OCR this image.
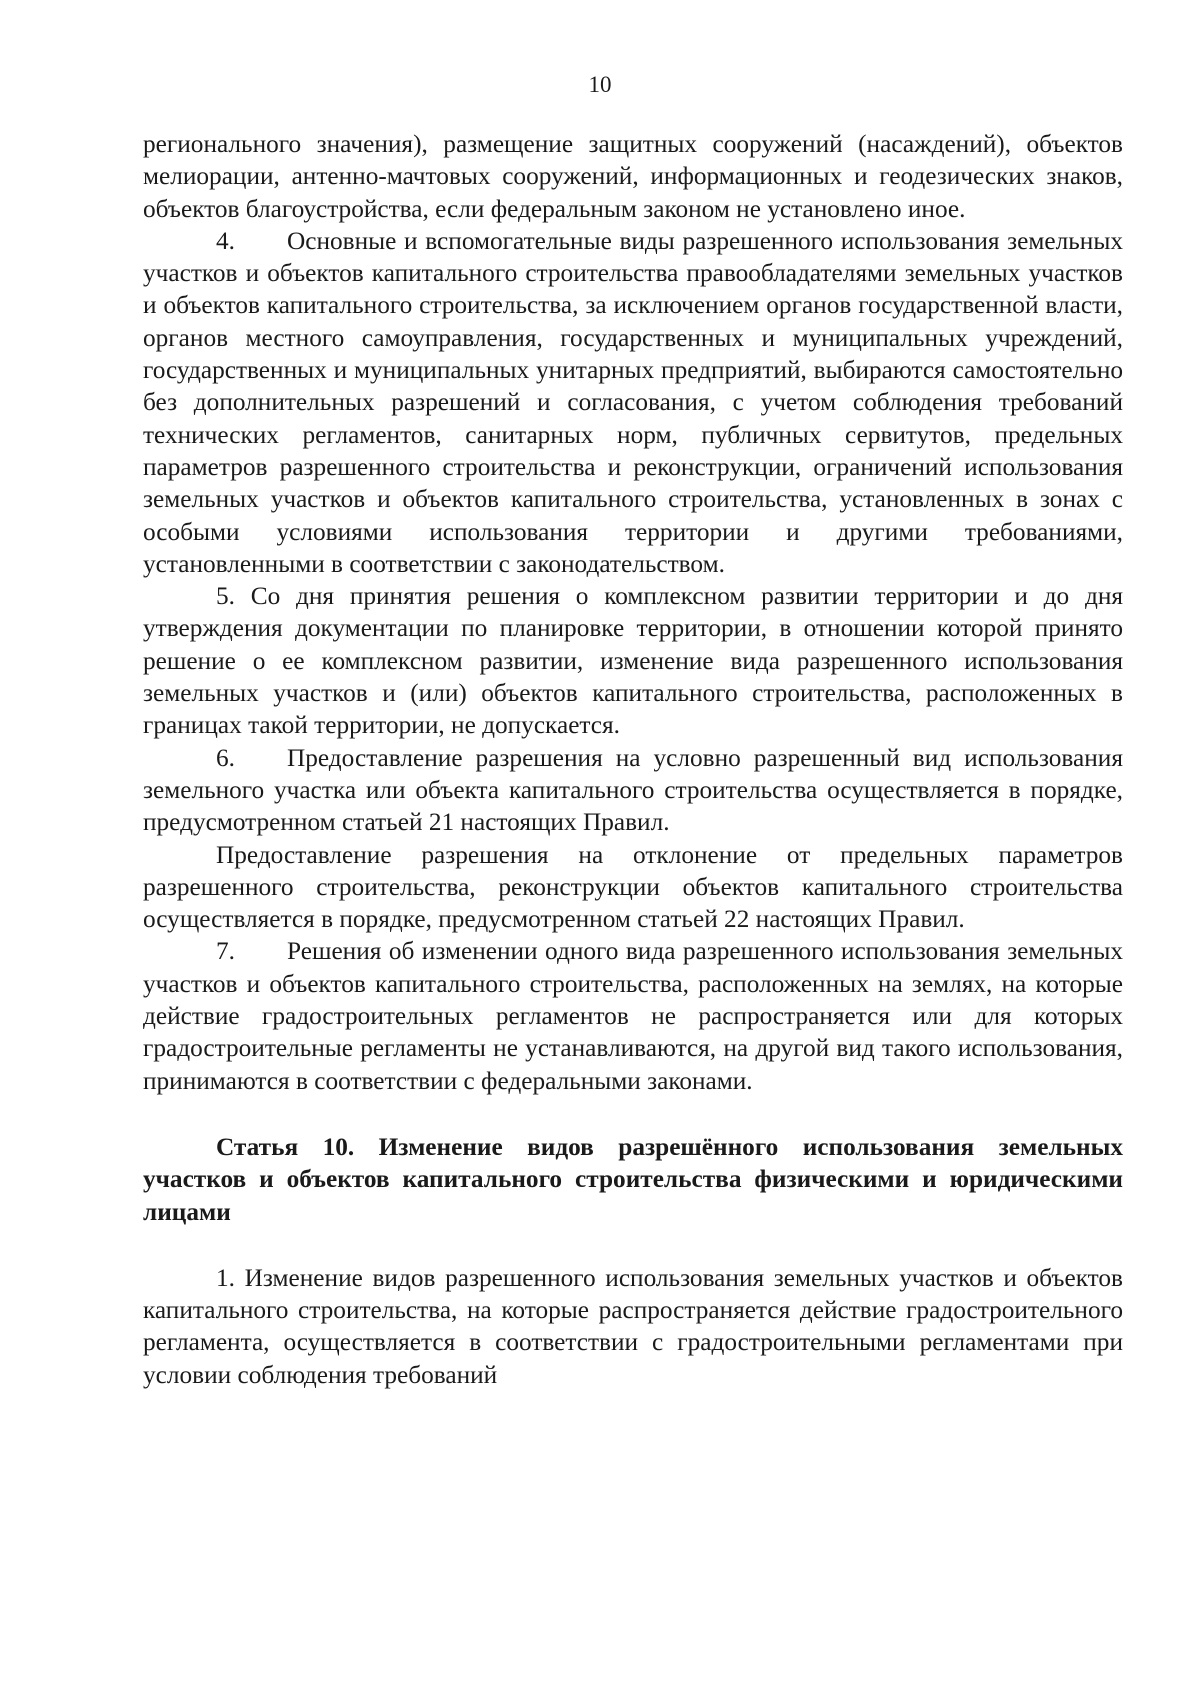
10

регионального значения), размещение защитных сооружений (насаждений), объектов мелиорации, антенно-мачтовых сооружений, информационных и геодезических знаков, объектов благоустройства, если федеральным законом не установлено иное.

4. Основные и вспомогательные виды разрешенного использования земельных участков и объектов капитального строительства правообладателями земельных участков и объектов капитального строительства, за исключением органов государственной власти, органов местного самоуправления, государственных и муниципальных учреждений, государственных и муниципальных унитарных предприятий, выбираются самостоятельно без дополнительных разрешений и согласования, с учетом соблюдения требований технических регламентов, санитарных норм, публичных сервитутов, предельных параметров разрешенного строительства и реконструкции, ограничений использования земельных участков и объектов капитального строительства, установленных в зонах с особыми условиями использования территории и другими требованиями, установленными в соответствии с законодательством.

5. Со дня принятия решения о комплексном развитии территории и до дня утверждения документации по планировке территории, в отношении которой принято решение о ее комплексном развитии, изменение вида разрешенного использования земельных участков и (или) объектов капитального строительства, расположенных в границах такой территории, не допускается.

6. Предоставление разрешения на условно разрешенный вид использования земельного участка или объекта капитального строительства осуществляется в порядке, предусмотренном статьей 21 настоящих Правил.

Предоставление разрешения на отклонение от предельных параметров разрешенного строительства, реконструкции объектов капитального строительства осуществляется в порядке, предусмотренном статьей 22 настоящих Правил.

7. Решения об изменении одного вида разрешенного использования земельных участков и объектов капитального строительства, расположенных на землях, на которые действие градостроительных регламентов не распространяется или для которых градостроительные регламенты не устанавливаются, на другой вид такого использования, принимаются в соответствии с федеральными законами.

Статья 10. Изменение видов разрешённого использования земельных участков и объектов капитального строительства физическими и юридическими лицами

1. Изменение видов разрешенного использования земельных участков и объектов капитального строительства, на которые распространяется действие градостроительного регламента, осуществляется в соответствии с градостроительными регламентами при условии соблюдения требований
